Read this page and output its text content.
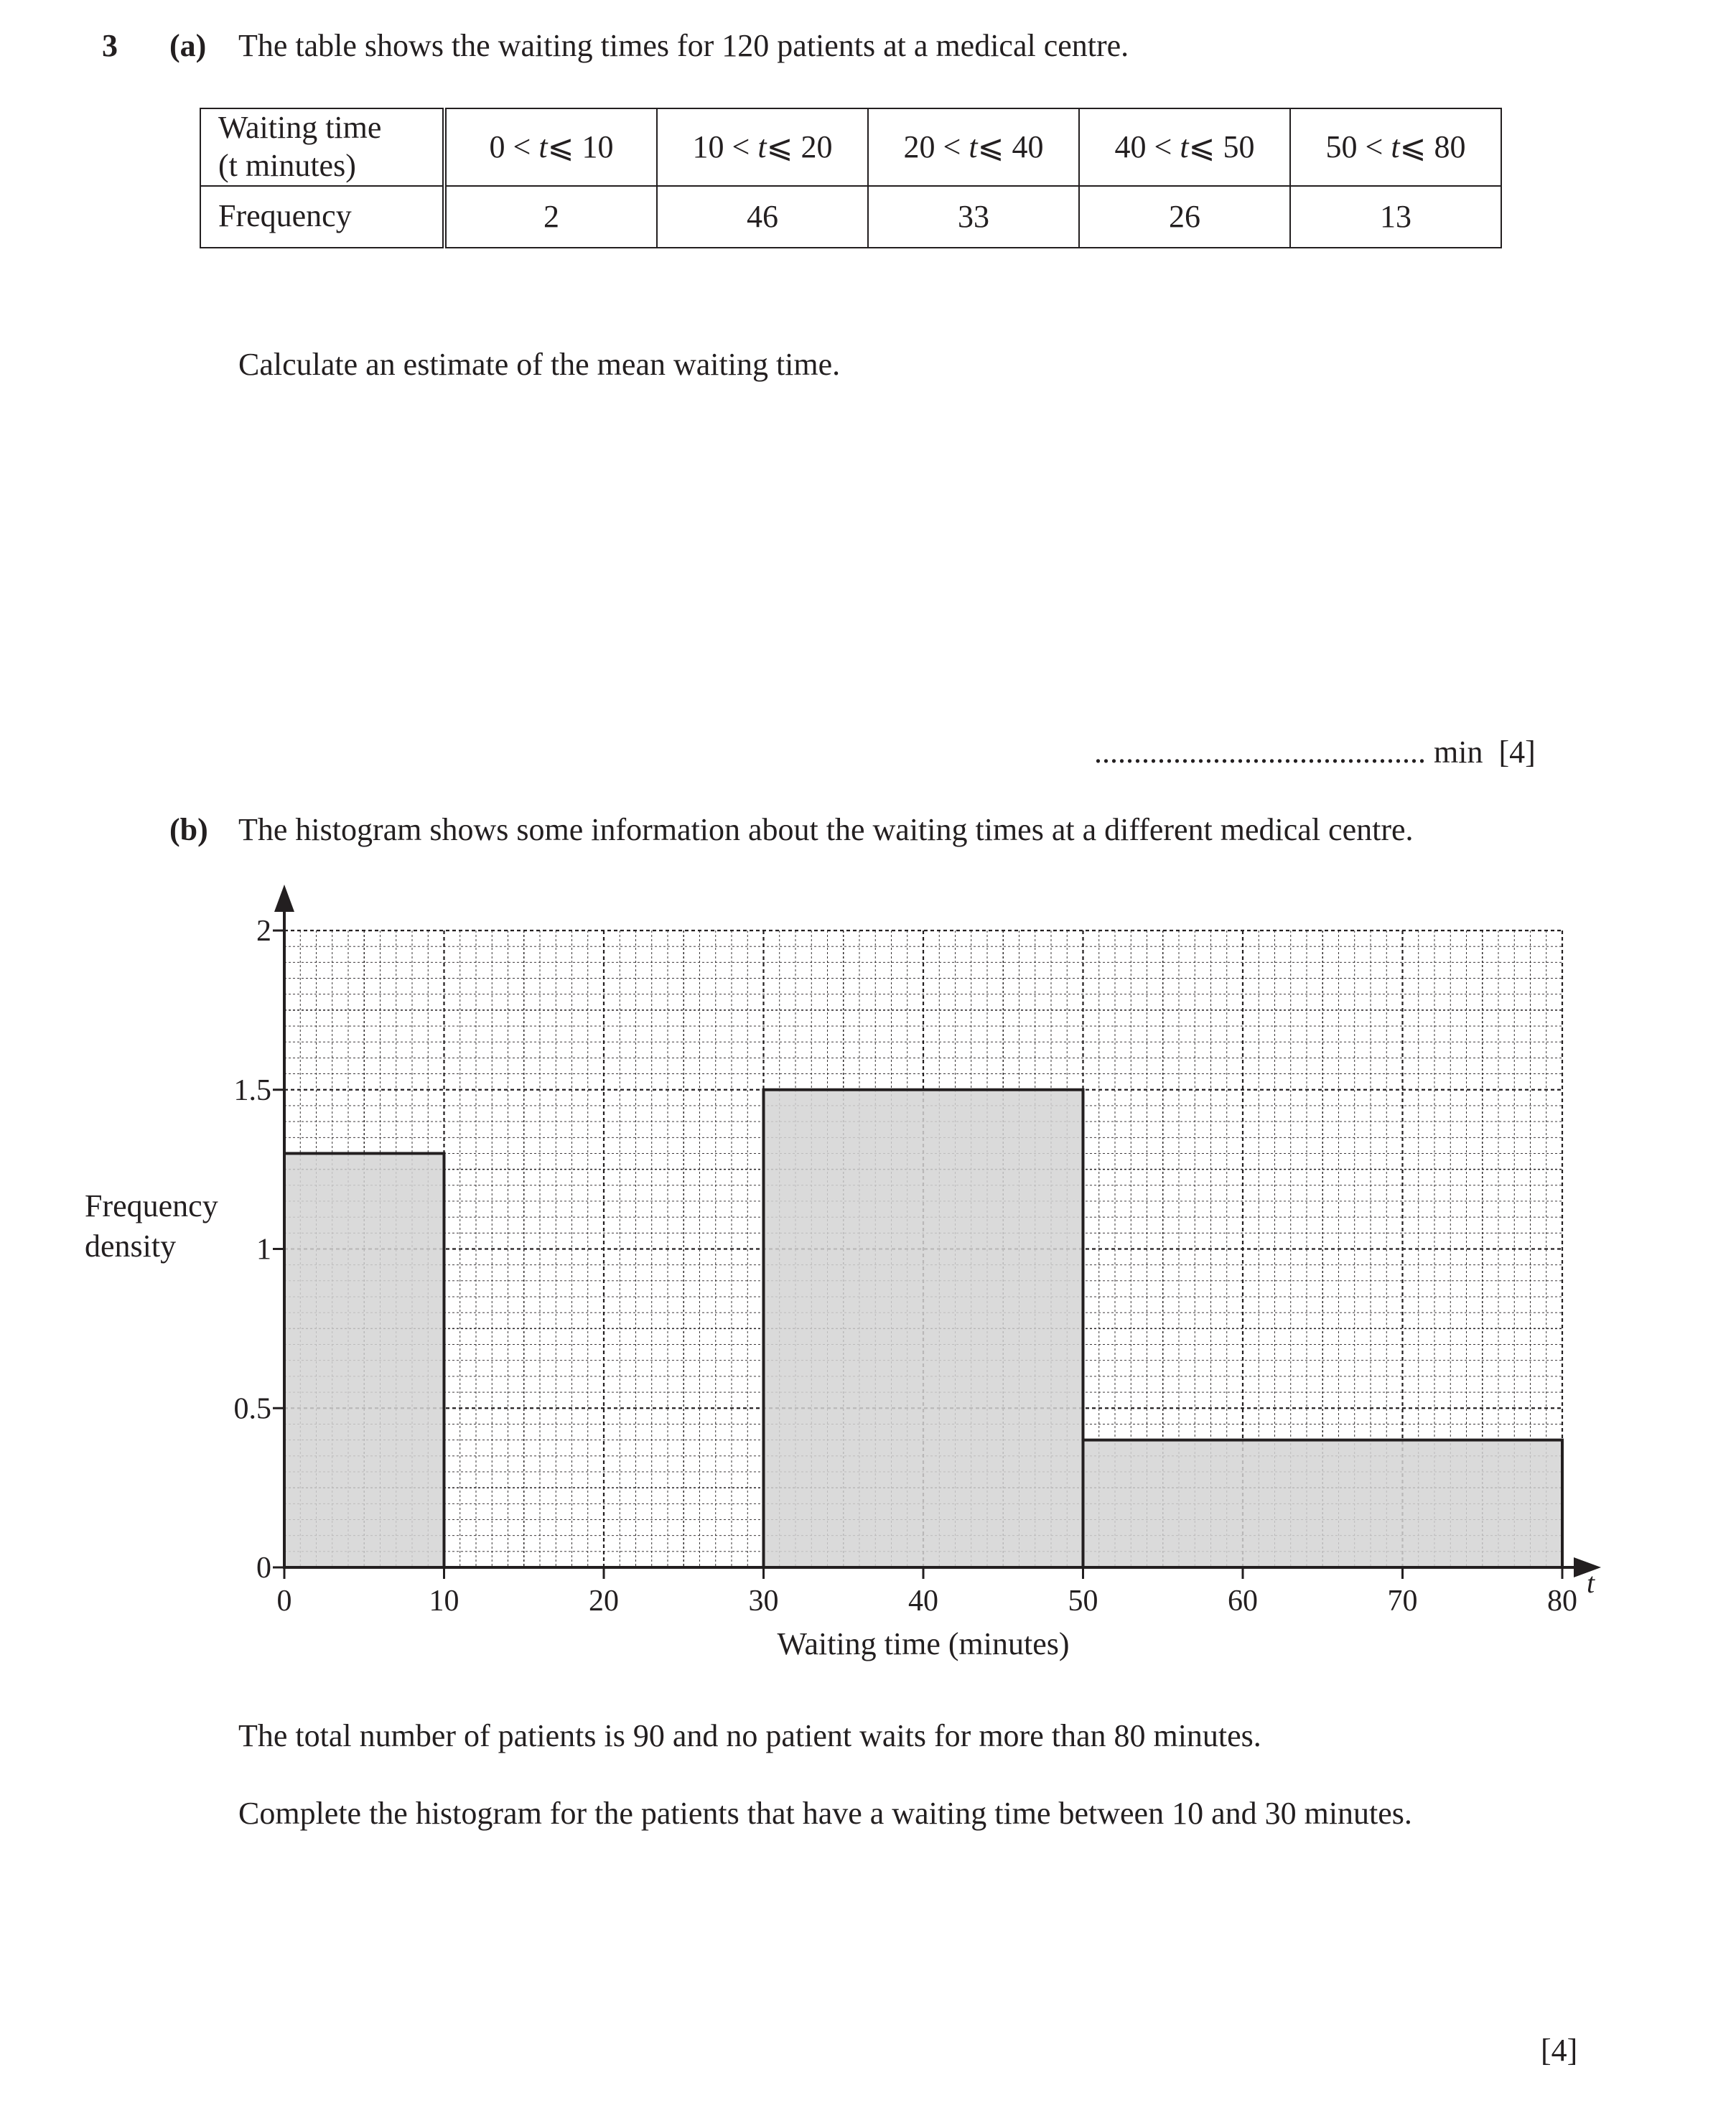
3 (a) The table shows the waiting times for 120 patients at a medical centre.
Waiting time
(t minutes)	0 < t⩽ 10	10 < t⩽ 20	20 < t⩽ 40	40 < t⩽ 50	50 < t⩽ 80
Frequency	2	46	33	26	13
Calculate an estimate of the mean waiting time.
.......................................... min [4]
(b) The histogram shows some information about the waiting times at a different medical centre.
0	10	20	30	40	50	60	70	80
0
0.5
1
1.5
2
Waiting time (minutes)
t
Frequency
density
The total number of patients is 90 and no patient waits for more than 80 minutes.
Complete the histogram for the patients that have a waiting time between 10 and 30 minutes.
[4]
